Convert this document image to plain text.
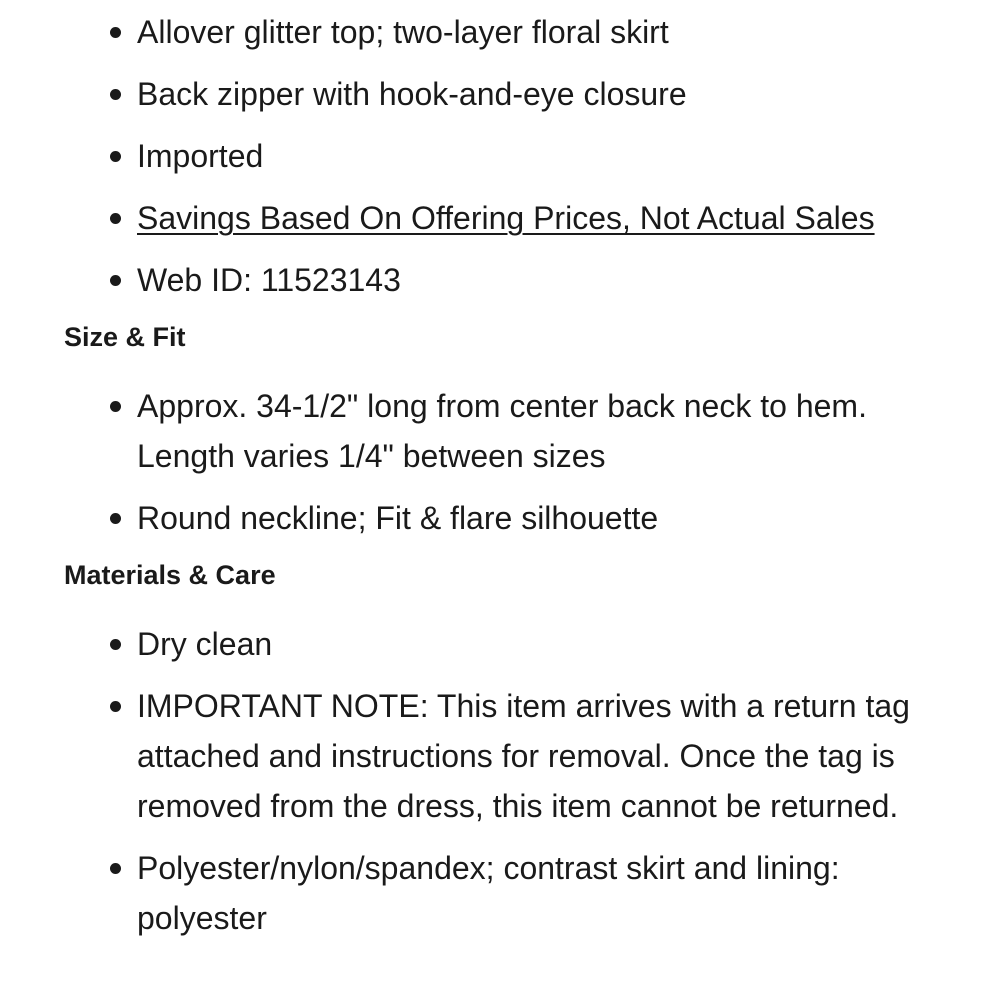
Allover glitter top; two-layer floral skirt
Back zipper with hook-and-eye closure
Imported
Savings Based On Offering Prices, Not Actual Sales
Web ID: 11523143
Size & Fit
Approx. 34-1/2" long from center back neck to hem. Length varies 1/4" between sizes
Round neckline; Fit & flare silhouette
Materials & Care
Dry clean
IMPORTANT NOTE: This item arrives with a return tag attached and instructions for removal. Once the tag is removed from the dress, this item cannot be returned.
Polyester/nylon/spandex; contrast skirt and lining: polyester
